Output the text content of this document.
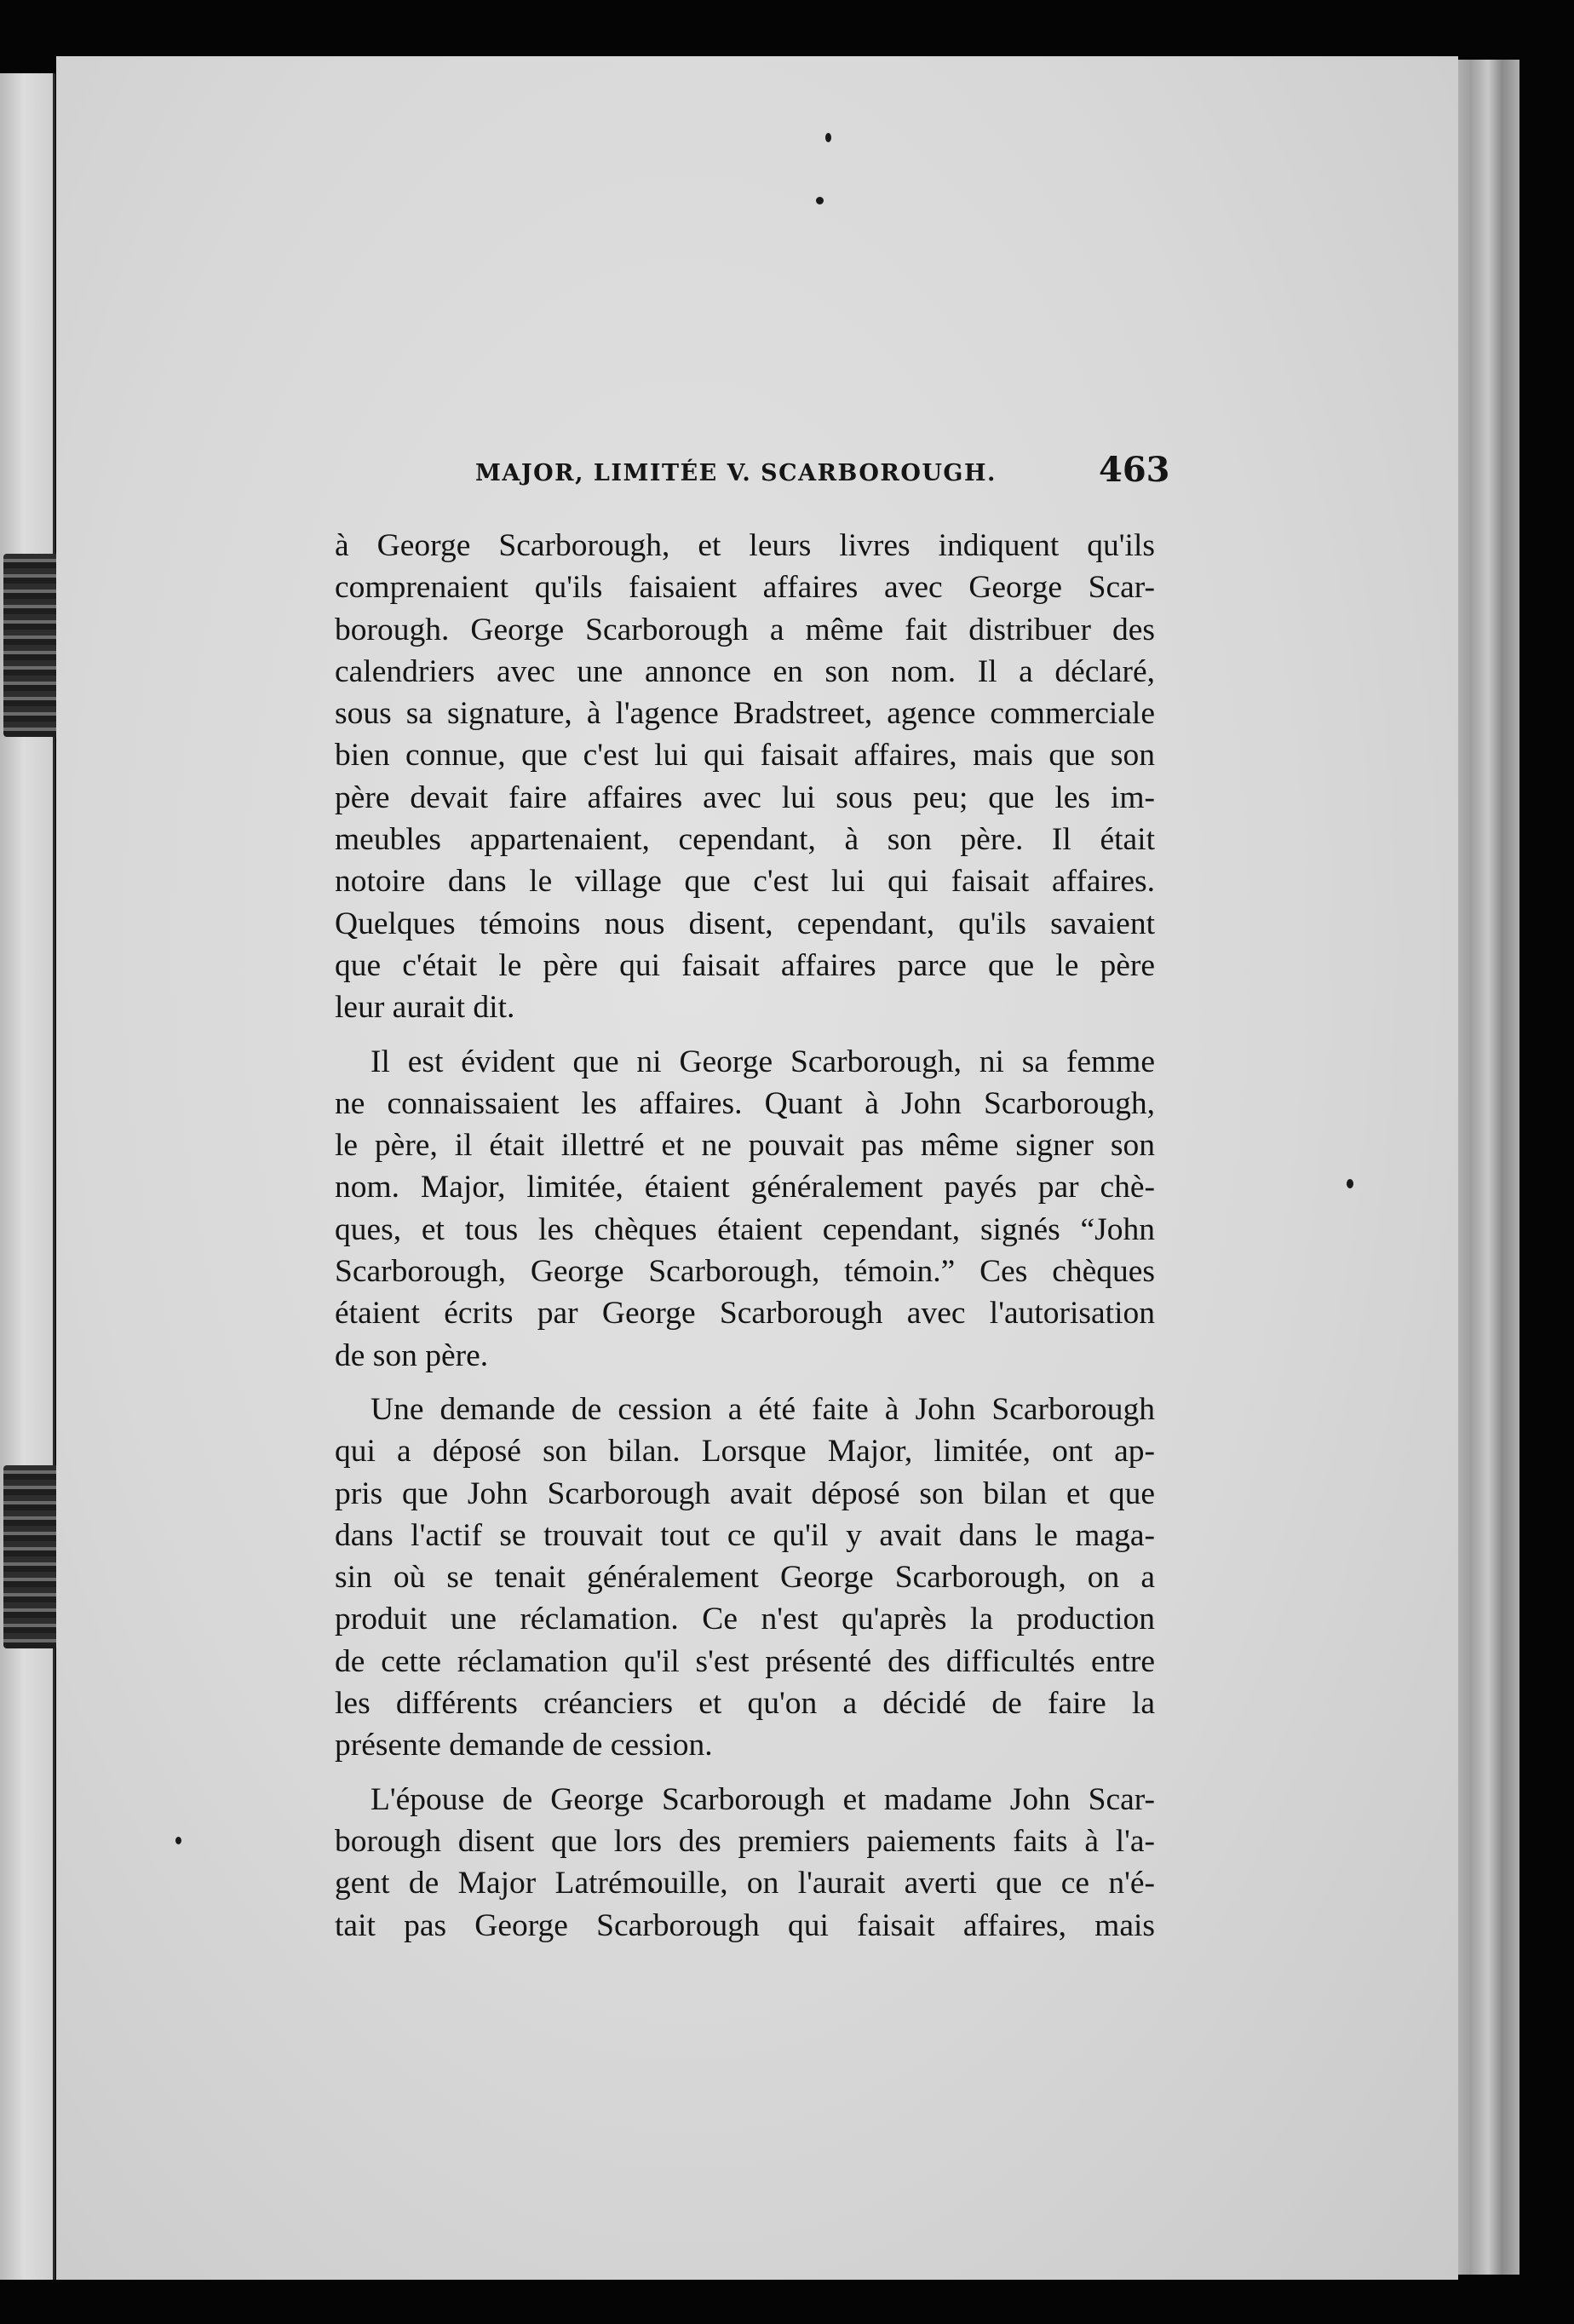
MAJOR, LIMITÉE V. SCARBOROUGH.	463
à George Scarborough, et leurs livres indiquent qu'ils
comprenaient qu'ils faisaient affaires avec George Scar-
borough. George Scarborough a même fait distribuer des
calendriers avec une annonce en son nom. Il a déclaré,
sous sa signature, à l'agence Bradstreet, agence commerciale
bien connue, que c'est lui qui faisait affaires, mais que son
père devait faire affaires avec lui sous peu; que les im-
meubles appartenaient, cependant, à son père. Il était
notoire dans le village que c'est lui qui faisait affaires.
Quelques témoins nous disent, cependant, qu'ils savaient
que c'était le père qui faisait affaires parce que le père
leur aurait dit.
Il est évident que ni George Scarborough, ni sa femme
ne connaissaient les affaires. Quant à John Scarborough,
le père, il était illettré et ne pouvait pas même signer son
nom. Major, limitée, étaient généralement payés par chè-
ques, et tous les chèques étaient cependant, signés “John
Scarborough, George Scarborough, témoin.” Ces chèques
étaient écrits par George Scarborough avec l'autorisation
de son père.
Une demande de cession a été faite à John Scarborough
qui a déposé son bilan. Lorsque Major, limitée, ont ap-
pris que John Scarborough avait déposé son bilan et que
dans l'actif se trouvait tout ce qu'il y avait dans le maga-
sin où se tenait généralement George Scarborough, on a
produit une réclamation. Ce n'est qu'après la production
de cette réclamation qu'il s'est présenté des difficultés entre
les différents créanciers et qu'on a décidé de faire la
présente demande de cession.
L'épouse de George Scarborough et madame John Scar-
borough disent que lors des premiers paiements faits à l'a-
gent de Major Latrémouille, on l'aurait averti que ce n'é-
tait pas George Scarborough qui faisait affaires, mais
